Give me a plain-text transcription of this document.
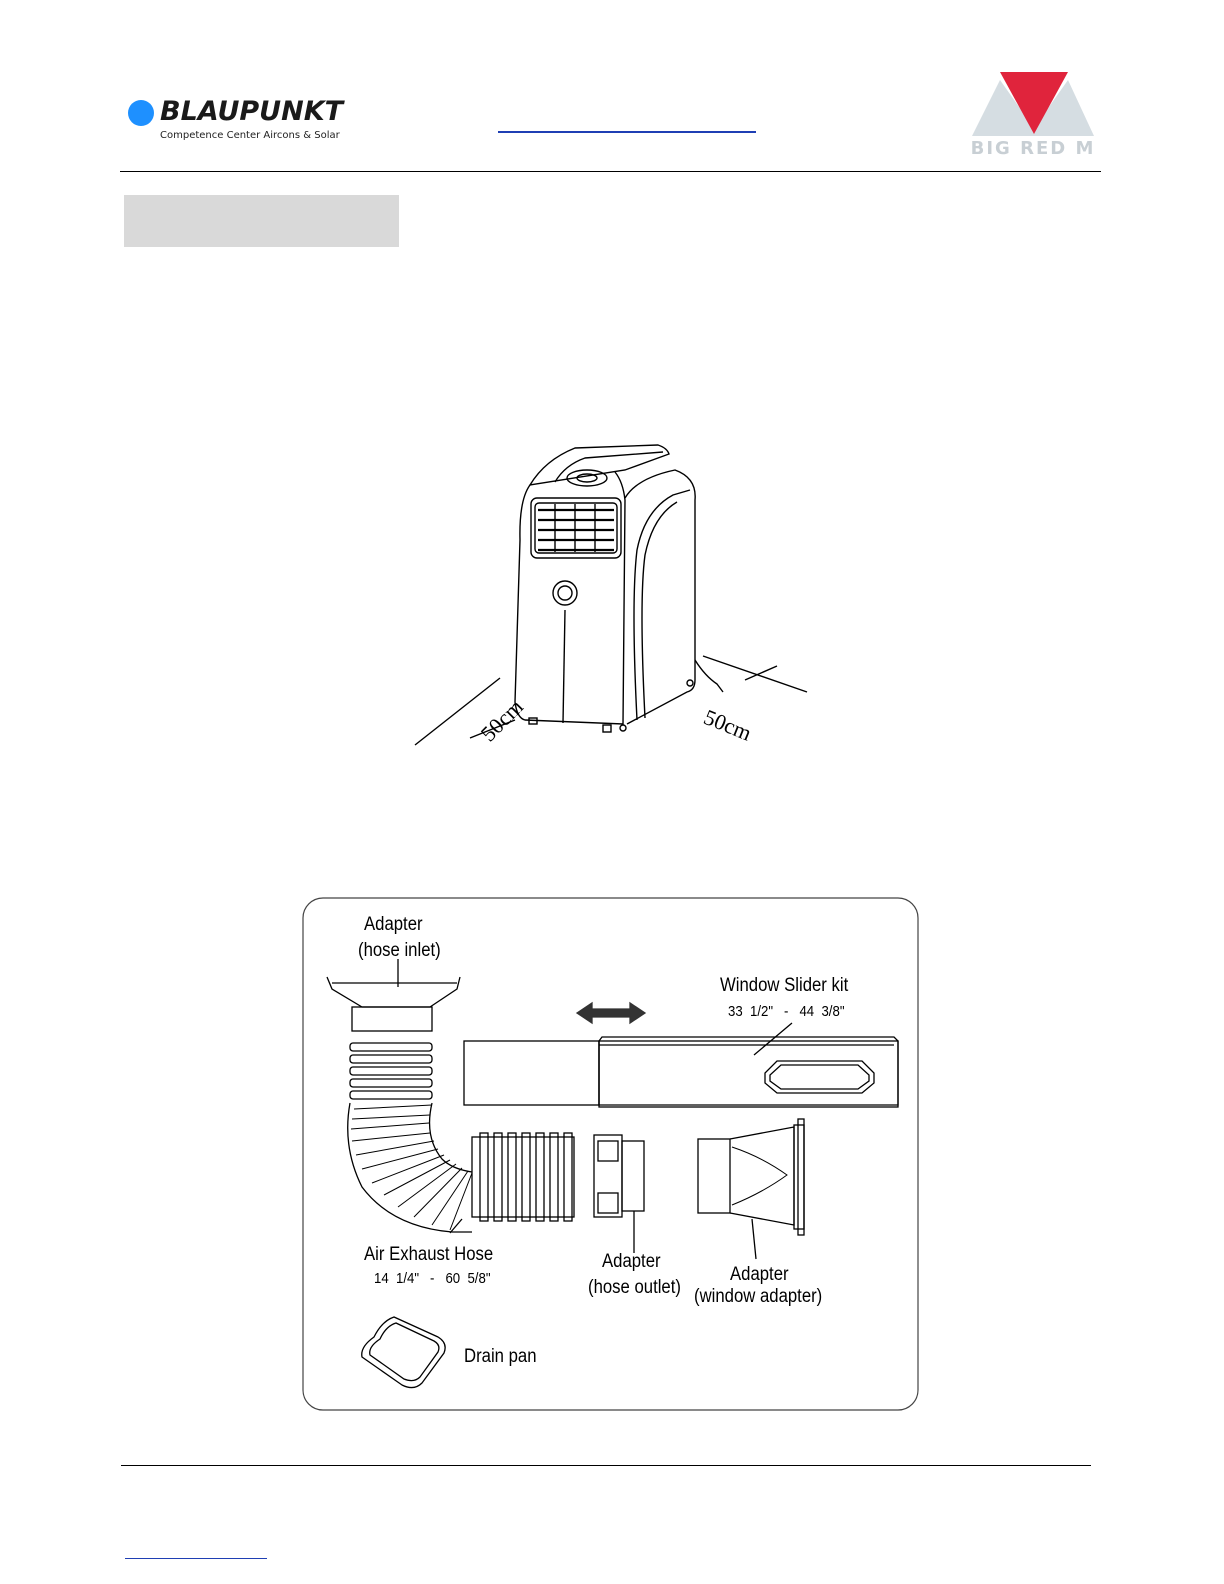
BLAUPUNKT
Competence Center Aircons & Solar
BIG RED M
50cm	50cm
Adapter
(hose inlet)
Window Slider kit
33  1/2"   -   44  3/8"
Air Exhaust Hose
14  1/4"   -   60  5/8"
Adapter
(hose outlet)
Adapter
(window adapter)
Drain pan
